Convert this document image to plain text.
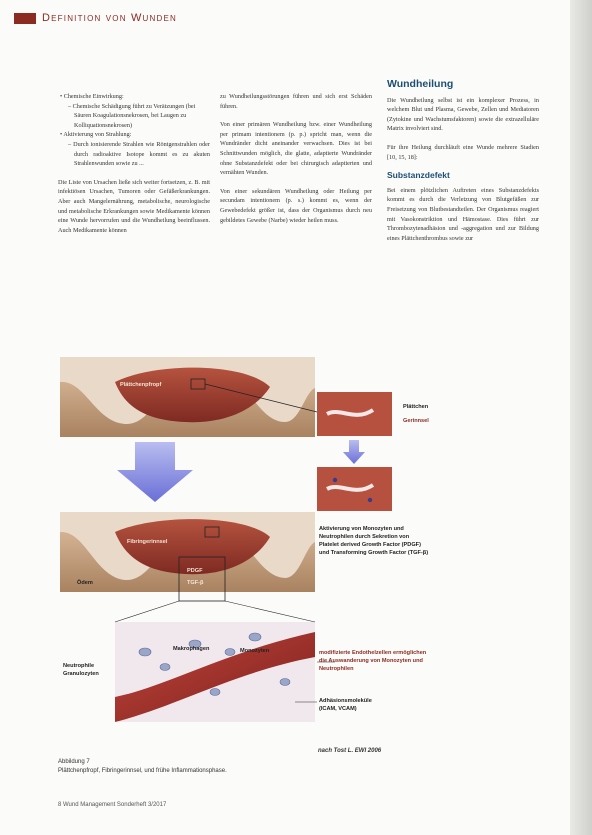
Definition von Wunden
• Chemische Einwirkung:
– Chemische Schädigung führt zu Verätzungen (bei Säuren Koagulationsnekrosen, bei Laugen zu Kolliquationsnekrosen)
• Aktivierung von Strahlung:

– Durch ionisierende Strahlen wie Röntgenstrahlen oder durch radioaktive Isotope kommt es zu akuten Strahlenwunden sowie zu ...

Die Liste von Ursachen ließe sich weiter fortsetzen, z. B. mit infektiösen Ursachen, Tumoren oder Gefäßerkrankungen. Aber auch Mangelernährung, metabolische, neurologische und metabolische Erkrankungen sowie Medikamente können eine Wunde hervorrufen und die Wundheilung beeinflussen. Auch Medikamente können

zu Wundheilungsstörungen führen und sich erst Schäden führen.

Von einer primären Wundheilung bzw. einer Wundheilung per primam intentionem (p. p.) spricht man, wenn die Wundränder dicht aneinander verwachsen. Dies ist bei Schnittwunden möglich, die glatte, adaptierte Wundränder ohne Substanzdefekt oder bei chirurgisch adaptierten und vernähten Wunden.

Von einer sekundären Wundheilung oder Heilung per secundam intentionem (p. s.) kommt es, wenn der Gewebedefekt größer ist, dass der Organismus durch neu gebildetes Gewebe (Narbe) wieder heilen muss.

Wundheilung

Die Wundheilung selbst ist ein komplexer Prozess, in welchem Blut und Plasma, Gewebe, Zellen und Mediatoren (Zytokine und Wachstumsfaktoren) sowie die extrazelluläre Matrix involviert sind.

Für ihre Heilung durchläuft eine Wunde mehrere Stadien [10, 15, 18]:

Substanzdefekt

Bei einem plötzlichen Auftreten eines Substanzdefekts kommt es durch die Verletzung von Blutgefäßen zur Freisetzung von Blutbestandteilen. Der Organismus reagiert mit Vasokonstriktion und Hämostase. Dies führt zur Thrombozytenadhäsion und -aggregation und zur Bildung eines Plättchenthrombus sowie zur

Plättchenpfropf
Plättchen
Gerinnsel
Fibringerinnsel
Ödem
PDGF
TGF-β
Aktivierung von Monozyten und
Neutrophilen durch Sekretion von
Platelet derived Growth Factor (PDGF)
und Transforming Growth Factor (TGF-β)
Makrophagen	Monozyten
Neutrophile
Granulozyten
modifizierte Endothelzellen ermöglichen
die Auswanderung von Monozyten und
Neutrophilen
Adhäsionsmoleküle
(ICAM, VCAM)
nach Tost L. EWI 2006
Abbildung 7
Plättchenpfropf, Fibringerinnsel, und frühe Inflammationsphase.
8 Wund Management Sonderheft 3/2017
